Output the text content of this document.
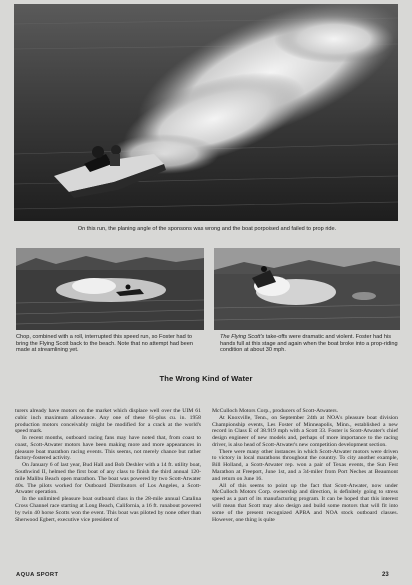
On this run, the planing angle of the sponsons was wrong and the boat porpoised and failed to prop ride.
Chop, combined with a roll, interrupted this speed run, so Foster had to bring the Flying Scott back to the beach. Note that no attempt had been made at streamlining yet.
The Flying Scott's take-offs were dramatic and violent. Foster had his hands full at this stage and again when the boat broke into a prop-riding condition at about 30 mph.
The Wrong Kind of Water

turers already have motors on the market which displace well over the UIM 61 cubic inch maximum allowance. Any one of these 61-plus cu. in. 1958 production motors conceivably might be modified for a crack at the world's speed mark.

In recent months, outboard racing fans may have noted that, from coast to coast, Scott-Atwater motors have been making more and more appearances in pleasure boat marathon racing events. This seems, not merely chance but rather factory-fostered activity.

On January 6 of last year, Bud Hall and Bob Deshler with a 14 ft. utility boat, Southwind II, helmed the first boat of any class to finish the third annual 120-mile Malibu Beach open marathon. The boat was powered by two Scott-Atwater 40s. The pilots worked for Outboard Distributors of Los Angeles, a Scott-Atwater operation.

In the unlimited pleasure boat outboard class in the 28-mile annual Catalina Cross Channel race starting at Long Beach, California, a 16 ft. runabout powered by twin 40 horse Scotts won the event. This boat was piloted by none other than Sherwood Egbert, executive vice president of

McCulloch Motors Corp., producers of Scott-Atwaters.

At Knoxville, Tenn., on September 24th at NOA's pleasure boat division Championship events, Les Foster of Minneapolis, Minn., established a new record in Class E of 38.919 mph with a Scott 33. Foster is Scott-Atwater's chief design engineer of new models and, perhaps of more importance to the racing driver, is also head of Scott-Atwater's new competition development section.

There were many other instances in which Scott-Atwater motors were driven to victory in local marathons throughout the country. To city another example, Bill Holland, a Scott-Atwater rep. won a pair of Texas events, the Sun Fest Marathon at Freeport, June 1st, and a 34-miler from Port Neches at Beaumont and return on June 16.

All of this seems to point up the fact that Scott-Atwater, now under McCulloch Motors Corp. ownership and direction, is definitely going to stress speed as a part of its manufacturing program. It can be hoped that this interest will mean that Scott may also design and build some motors that will fit into some of the present recognized APBA and NOA stock outboard classes. However, one thing is quite

AQUA SPORT	23
